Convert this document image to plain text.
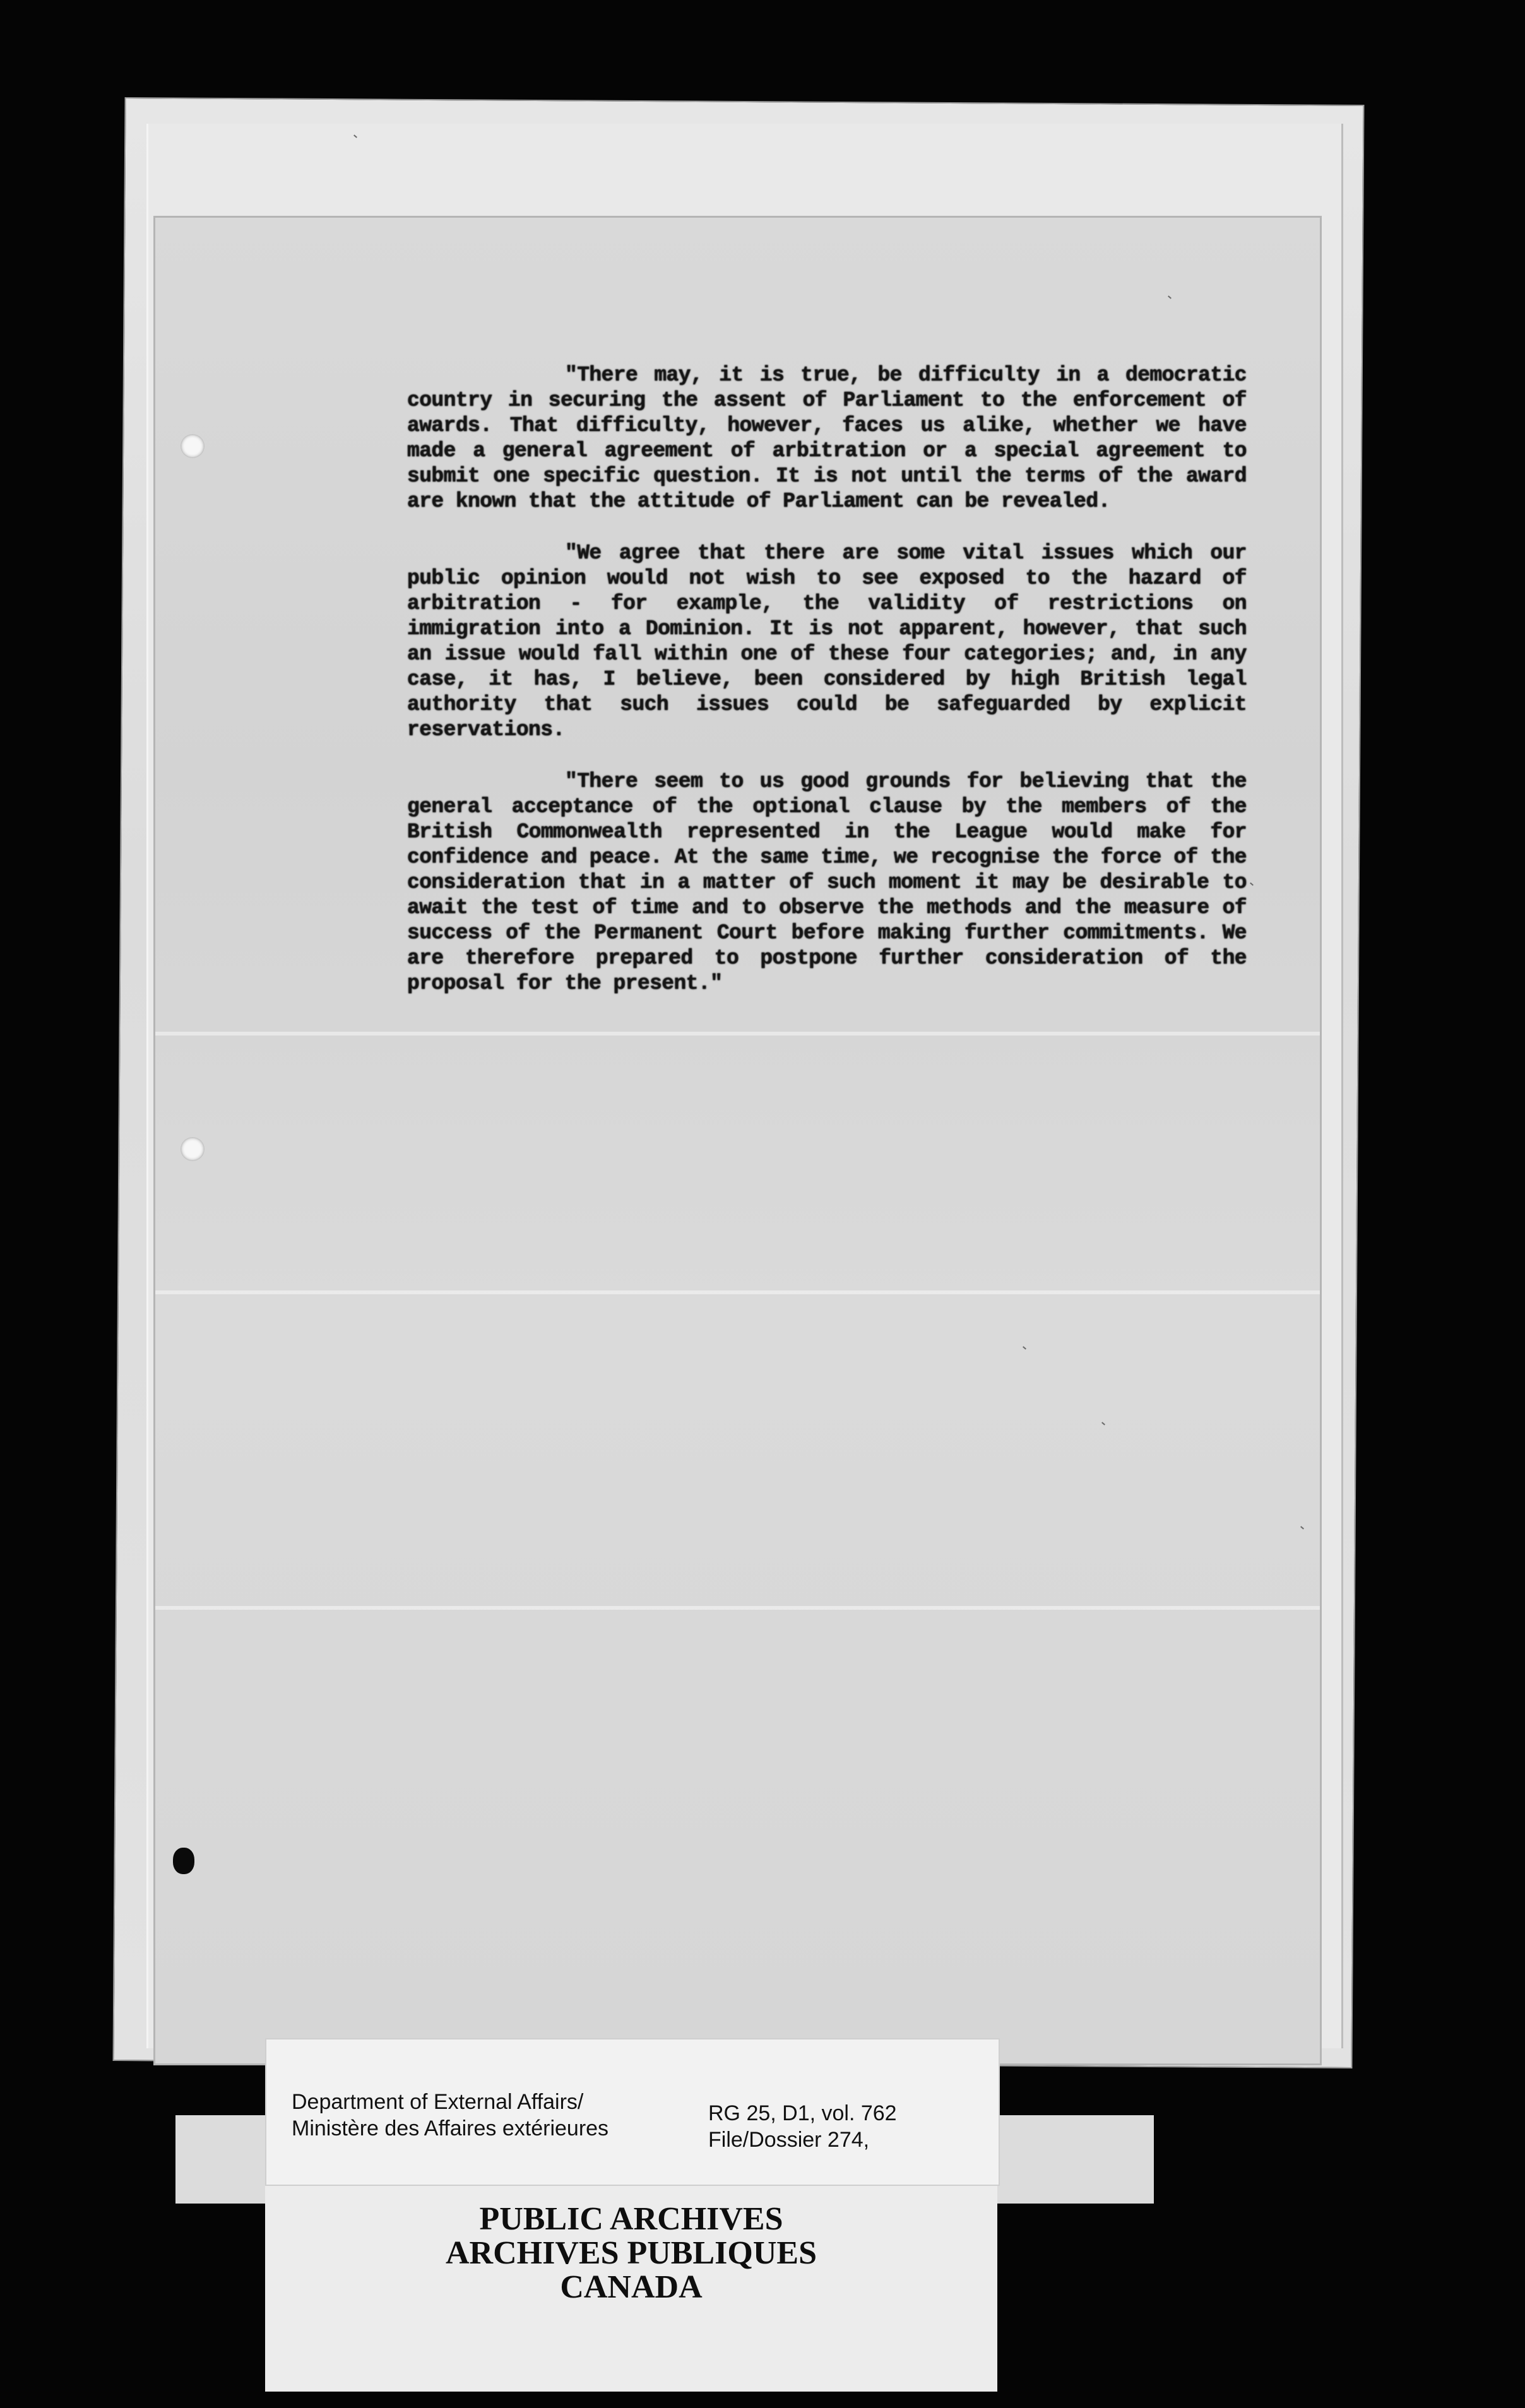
"There may, it is true, be difficulty in a democratic country in securing the assent of Parliament to the enforcement of awards. That difficulty, however, faces us alike, whether we have made a general agreement of arbitration or a special agreement to submit one specific question. It is not until the terms of the award are known that the attitude of Parliament can be revealed.

"We agree that there are some vital issues which our public opinion would not wish to see exposed to the hazard of arbitration - for example, the validity of restrictions on immigration into a Dominion. It is not apparent, however, that such an issue would fall within one of these four categories; and, in any case, it has, I believe, been considered by high British legal authority that such issues could be safeguarded by explicit reservations.

"There seem to us good grounds for believing that the general acceptance of the optional clause by the members of the British Commonwealth represented in the League would make for confidence and peace. At the same time, we recognise the force of the consideration that in a matter of such moment it may be desirable to await the test of time and to observe the methods and the measure of success of the Permanent Court before making further commitments. We are therefore prepared to postpone further consideration of the proposal for the present."

PUBLIC ARCHIVES
ARCHIVES PUBLIQUES
CANADA
Department of External Affairs/
Ministère des Affaires extérieures
RG 25, D1, vol. 762
File/Dossier 274,
